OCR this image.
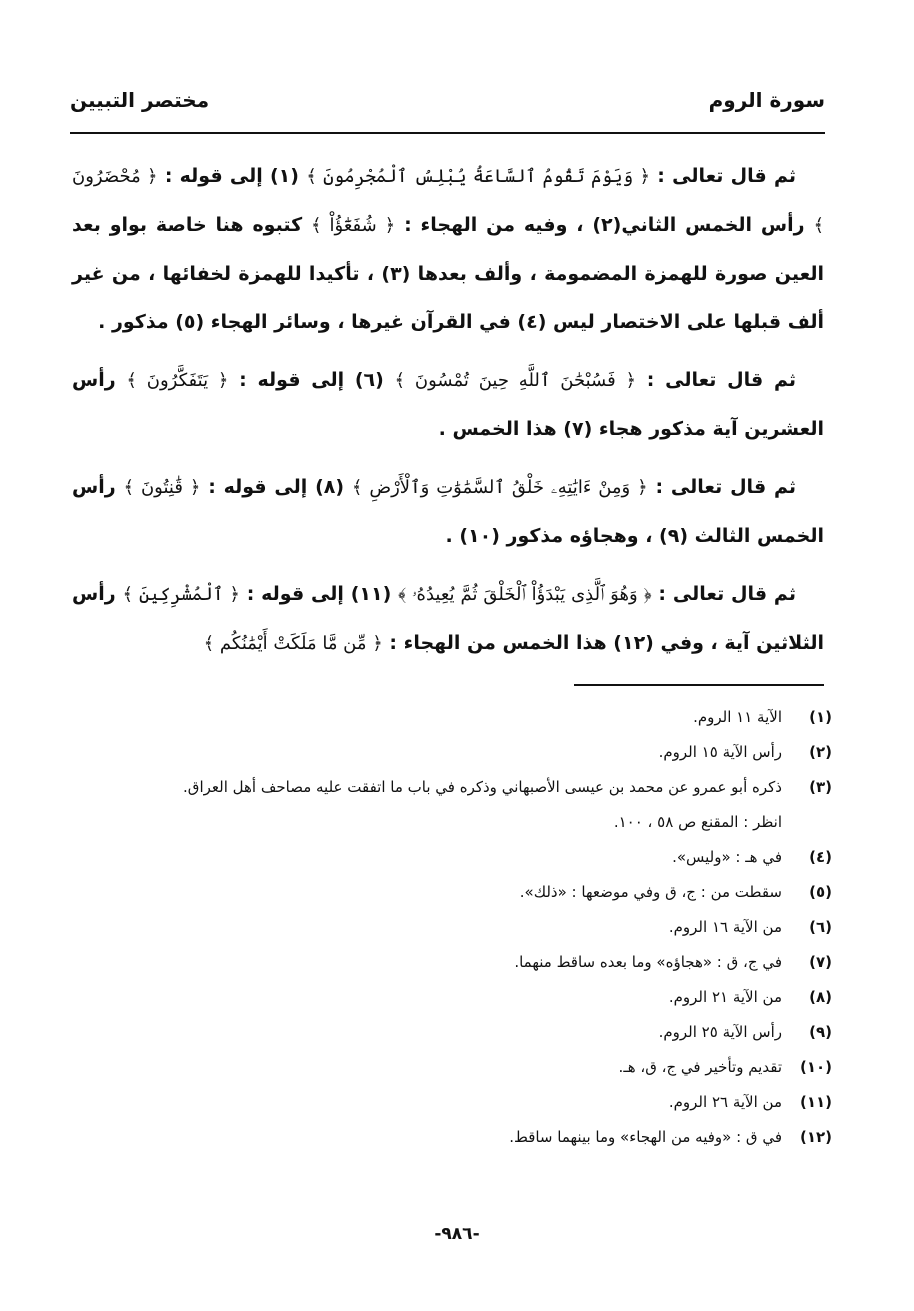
سورة الروم
مختصر التبيين

ثم قال تعالى : ﴿ وَيَوْمَ تَقُومُ ٱلسَّاعَةُ يُبْلِسُ ٱلْمُجْرِمُونَ ﴾ (١) إلى قوله : ﴿ مُحْضَرُونَ ﴾ رأس الخمس الثاني(٢) ، وفيه من الهجاء : ﴿ شُفَعَٰٓؤُاْ ﴾ كتبوه هنا خاصة بواو بعد العين صورة للهمزة المضمومة ، وألف بعدها (٣) ، تأكيدا للهمزة لخفائها ، من غير ألف قبلها على الاختصار ليس (٤) في القرآن غيرها ، وسائر الهجاء (٥) مذكور .

ثم قال تعالى : ﴿ فَسُبْحَٰنَ ٱللَّهِ حِينَ تُمْسُونَ ﴾ (٦) إلى قوله : ﴿ يَتَفَكَّرُونَ ﴾ رأس العشرين آية مذكور هجاء (٧) هذا الخمس .

ثم قال تعالى : ﴿ وَمِنْ ءَايَٰتِهِۦ خَلْقُ ٱلسَّمَٰوَٰتِ وَٱلْأَرْضِ ﴾ (٨) إلى قوله : ﴿ قَٰنِتُونَ ﴾ رأس الخمس الثالث (٩) ، وهجاؤه مذكور (١٠) .

ثم قال تعالى : ﴿ وَهُوَ ٱلَّذِى يَبْدَؤُاْ ٱلْخَلْقَ ثُمَّ يُعِيدُهُۥ ﴾ (١١) إلى قوله : ﴿ ٱلْمُشْرِكِينَ ﴾ رأس الثلاثين آية ، وفي (١٢) هذا الخمس من الهجاء : ﴿ مِّن مَّا مَلَكَتْ أَيْمَٰنُكُم ﴾

(١)
الآية ١١ الروم.
(٢)
رأس الآية ١٥ الروم.
(٣)
ذكره أبو عمرو عن محمد بن عيسى الأصبهاني وذكره في باب ما اتفقت عليه مصاحف أهل العراق.
انظر : المقنع ص ٥٨ ، ١٠٠.
(٤)
في هـ : «وليس».
(٥)
سقطت من : ج، ق وفي موضعها : «ذلك».
(٦)
من الآية ١٦ الروم.
(٧)
في ج، ق : «هجاؤه» وما بعده ساقط منهما.
(٨)
من الآية ٢١ الروم.
(٩)
رأس الآية ٢٥ الروم.
(١٠)
تقديم وتأخير في ج، ق، هـ.
(١١)
من الآية ٢٦ الروم.
(١٢)
في ق : «وفيه من الهجاء» وما بينهما ساقط.
-٩٨٦-
